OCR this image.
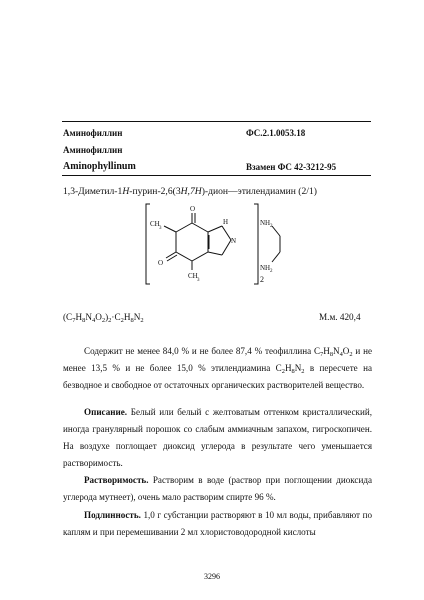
Аминофиллин	ФС.2.1.0053.18
Аминофиллин
Aminophyllinum	Взамен ФС 42-3212-95
1,3-Диметил-1H-пурин-2,6(3H,7H)-дион—этилендиамин (2/1)
O
O
CH
3
CH
3
H
N
2
NH 2
NH 2
$(C_7H_8N_4O_2)_2\cdot C_2H_8N_2$	М.м. 420,4

Содержит не менее 84,0 % и не более 87,4 % теофиллина $C_7H_8N_4O_2$ и не менее 13,5 % и не более 15,0 % этилендиамина $C_2H_8N_2$ в пересчете на безводное и свободное от остаточных органических растворителей вещество.

Описание. Белый или белый с желтоватым оттенком кристаллический, иногда гранулярный порошок со слабым аммиачным запахом, гигроскопичен. На воздухе поглощает диоксид углерода в результате чего уменьшается растворимость.

Растворимость. Растворим в воде (раствор при поглощении диоксида углерода мутнеет), очень мало растворим спирте 96 %.

Подлинность. 1,0 г субстанции растворяют в 10 мл воды, прибавляют по каплям и при перемешивании 2 мл хлористоводородной кислоты

3296
